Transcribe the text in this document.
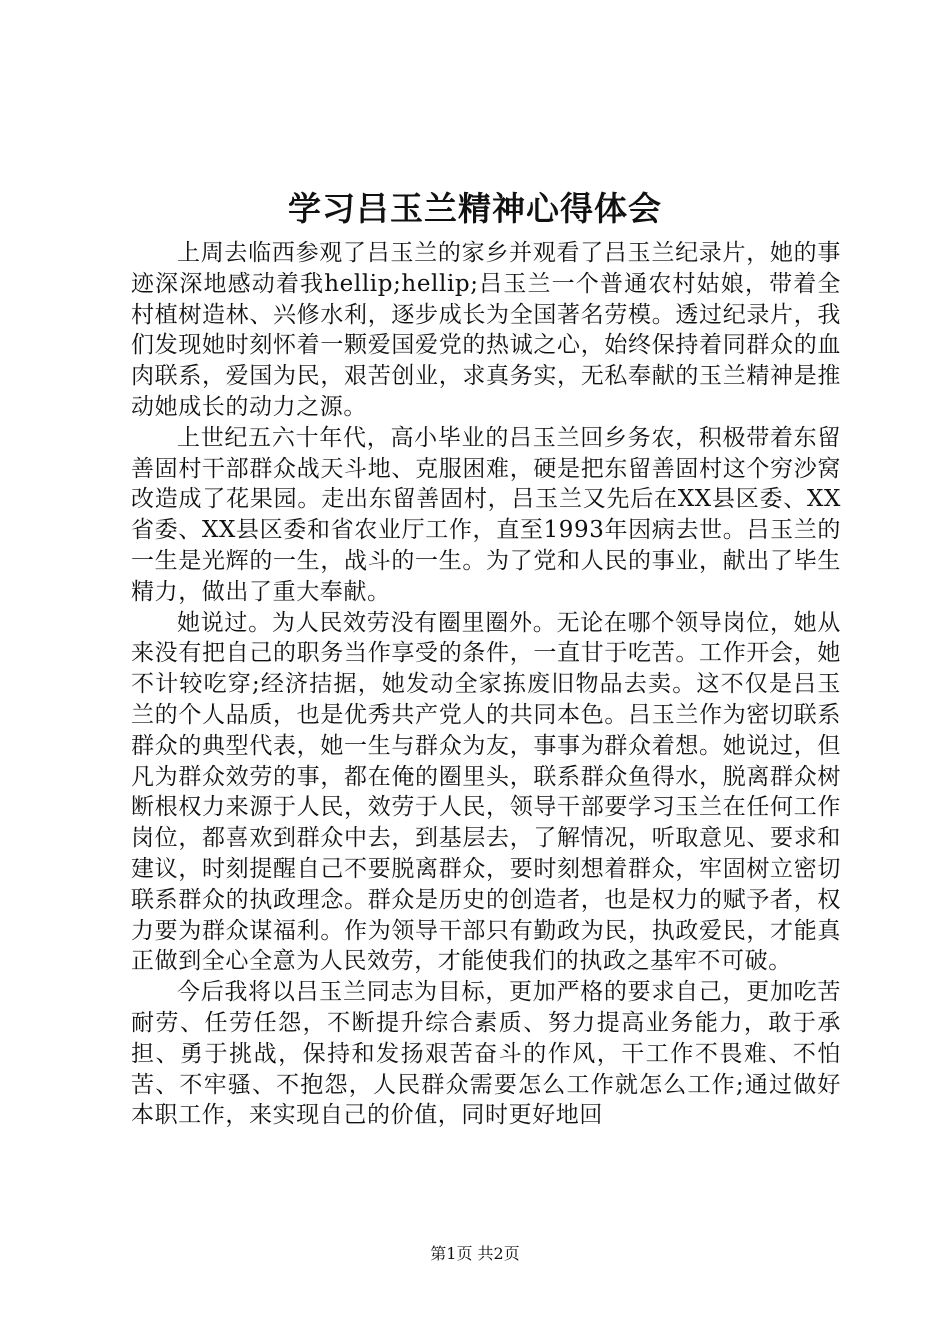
学习吕玉兰精神心得体会

上周去临西参观了吕玉兰的家乡并观看了吕玉兰纪录片，她的事迹深深地感动着我hellip;hellip;吕玉兰一个普通农村姑娘，带着全村植树造林、兴修水利，逐步成长为全国著名劳模。透过纪录片，我们发现她时刻怀着一颗爱国爱党的热诚之心，始终保持着同群众的血肉联系，爱国为民，艰苦创业，求真务实，无私奉献的玉兰精神是推动她成长的动力之源。

上世纪五六十年代，高小毕业的吕玉兰回乡务农，积极带着东留善固村干部群众战天斗地、克服困难，硬是把东留善固村这个穷沙窝改造成了花果园。走出东留善固村，吕玉兰又先后在XX县区委、XX省委、XX县区委和省农业厅工作，直至1993年因病去世。吕玉兰的一生是光辉的一生，战斗的一生。为了党和人民的事业，献出了毕生精力，做出了重大奉献。

她说过。为人民效劳没有圈里圈外。无论在哪个领导岗位，她从来没有把自己的职务当作享受的条件，一直甘于吃苦。工作开会，她不计较吃穿;经济拮据，她发动全家拣废旧物品去卖。这不仅是吕玉兰的个人品质，也是优秀共产党人的共同本色。吕玉兰作为密切联系群众的典型代表，她一生与群众为友，事事为群众着想。她说过，但凡为群众效劳的事，都在俺的圈里头，联系群众鱼得水，脱离群众树断根权力来源于人民，效劳于人民，领导干部要学习玉兰在任何工作岗位，都喜欢到群众中去，到基层去，了解情况，听取意见、要求和建议，时刻提醒自己不要脱离群众，要时刻想着群众，牢固树立密切联系群众的执政理念。群众是历史的创造者，也是权力的赋予者，权力要为群众谋福利。作为领导干部只有勤政为民，执政爱民，才能真正做到全心全意为人民效劳，才能使我们的执政之基牢不可破。

今后我将以吕玉兰同志为目标，更加严格的要求自己，更加吃苦耐劳、任劳任怨，不断提升综合素质、努力提高业务能力，敢于承担、勇于挑战，保持和发扬艰苦奋斗的作风，干工作不畏难、不怕苦、不牢骚、不抱怨，人民群众需要怎么工作就怎么工作;通过做好本职工作，来实现自己的价值，同时更好地回

第1页 共2页
